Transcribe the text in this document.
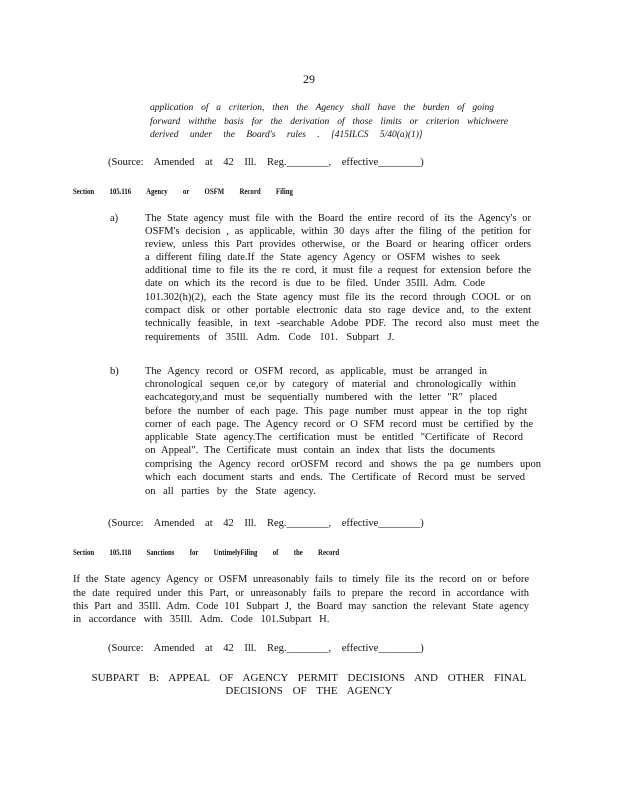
29
application of a criterion, then the Agency shall have the burden of going
forward withthe basis for the derivation of those limits or criterion whichwere
derived under the Board's rules . [415ILCS 5/40(a)(1)]
(Source: Amended at 42 Ill. Reg.________, effective________)
Section 105.116 Agency or OSFM Record Filing
a)	The State agency must file with the Board the entire record of its the Agency's or
OSFM's decision , as applicable, within 30 days after the filing of the petition for
review, unless this Part provides otherwise, or the Board or hearing officer orders
a different filing date.If the State agency Agency or OSFM wishes to seek
additional time to file its the re cord, it must file a request for extension before the
date on which its the record is due to be filed. Under 35Ill. Adm. Code
101.302(h)(2), each the State agency must file its the record through COOL or on
compact disk or other portable electronic data sto rage device and, to the extent
technically feasible, in text -searchable Adobe PDF. The record also must meet the
requirements of 35Ill. Adm. Code 101. Subpart J.
b)	The Agency record or OSFM record, as applicable, must be arranged in
chronological sequen ce,or by category of material and chronologically within
eachcategory,and must be sequentially numbered with the letter "R" placed
before the number of each page. This page number must appear in the top right
corner of each page. The Agency record or O SFM record must be certified by the
applicable State agency.The certification must be entitled "Certificate of Record
on Appeal". The Certificate must contain an index that lists the documents
comprising the Agency record orOSFM record and shows the pa ge numbers upon
which each document starts and ends. The Certificate of Record must be served
on all parties by the State agency.
(Source: Amended at 42 Ill. Reg.________, effective________)
Section 105.118 Sanctions for UntimelyFiling of the Record
If the State agency Agency or OSFM unreasonably fails to timely file its the record on or before
the date required under this Part, or unreasonably fails to prepare the record in accordance with
this Part and 35Ill. Adm. Code 101 Subpart J, the Board may sanction the relevant State agency
in accordance with 35Ill. Adm. Code 101.Subpart H.
(Source: Amended at 42 Ill. Reg.________, effective________)
SUBPART B: APPEAL OF AGENCY PERMIT DECISIONS AND OTHER FINAL
DECISIONS OF THE AGENCY
